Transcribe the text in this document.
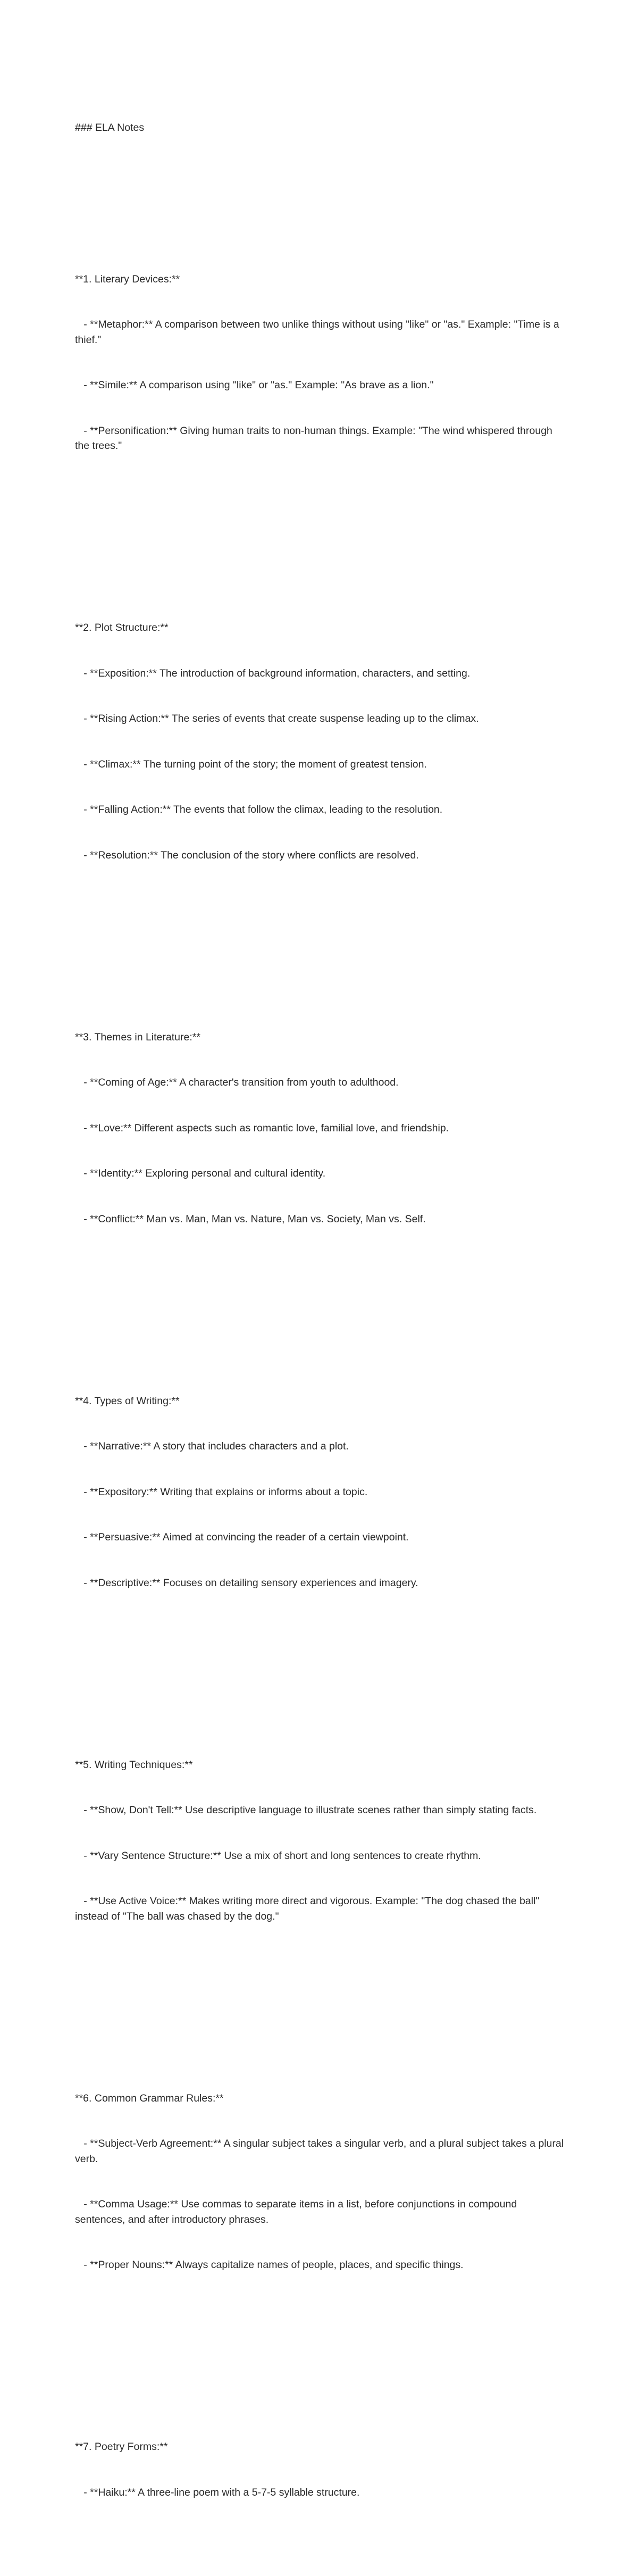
### ELA Notes

**1. Literary Devices:**

- **Metaphor:** A comparison between two unlike things without using "like" or "as." Example: "Time is a thief."

- **Simile:** A comparison using "like" or "as." Example: "As brave as a lion."

- **Personification:** Giving human traits to non-human things. Example: "The wind whispered through the trees."

**2. Plot Structure:**

- **Exposition:** The introduction of background information, characters, and setting.

- **Rising Action:** The series of events that create suspense leading up to the climax.

- **Climax:** The turning point of the story; the moment of greatest tension.

- **Falling Action:** The events that follow the climax, leading to the resolution.

- **Resolution:** The conclusion of the story where conflicts are resolved.

**3. Themes in Literature:**

- **Coming of Age:** A character's transition from youth to adulthood.

- **Love:** Different aspects such as romantic love, familial love, and friendship.

- **Identity:** Exploring personal and cultural identity.

- **Conflict:** Man vs. Man, Man vs. Nature, Man vs. Society, Man vs. Self.

**4. Types of Writing:**

- **Narrative:** A story that includes characters and a plot.

- **Expository:** Writing that explains or informs about a topic.

- **Persuasive:** Aimed at convincing the reader of a certain viewpoint.

- **Descriptive:** Focuses on detailing sensory experiences and imagery.

**5. Writing Techniques:**

- **Show, Don't Tell:** Use descriptive language to illustrate scenes rather than simply stating facts.

- **Vary Sentence Structure:** Use a mix of short and long sentences to create rhythm.

- **Use Active Voice:** Makes writing more direct and vigorous. Example: "The dog chased the ball" instead of "The ball was chased by the dog."

**6. Common Grammar Rules:**

- **Subject-Verb Agreement:** A singular subject takes a singular verb, and a plural subject takes a plural verb.

- **Comma Usage:** Use commas to separate items in a list, before conjunctions in compound sentences, and after introductory phrases.

- **Proper Nouns:** Always capitalize names of people, places, and specific things.

**7. Poetry Forms:**

- **Haiku:** A three-line poem with a 5-7-5 syllable structure.
